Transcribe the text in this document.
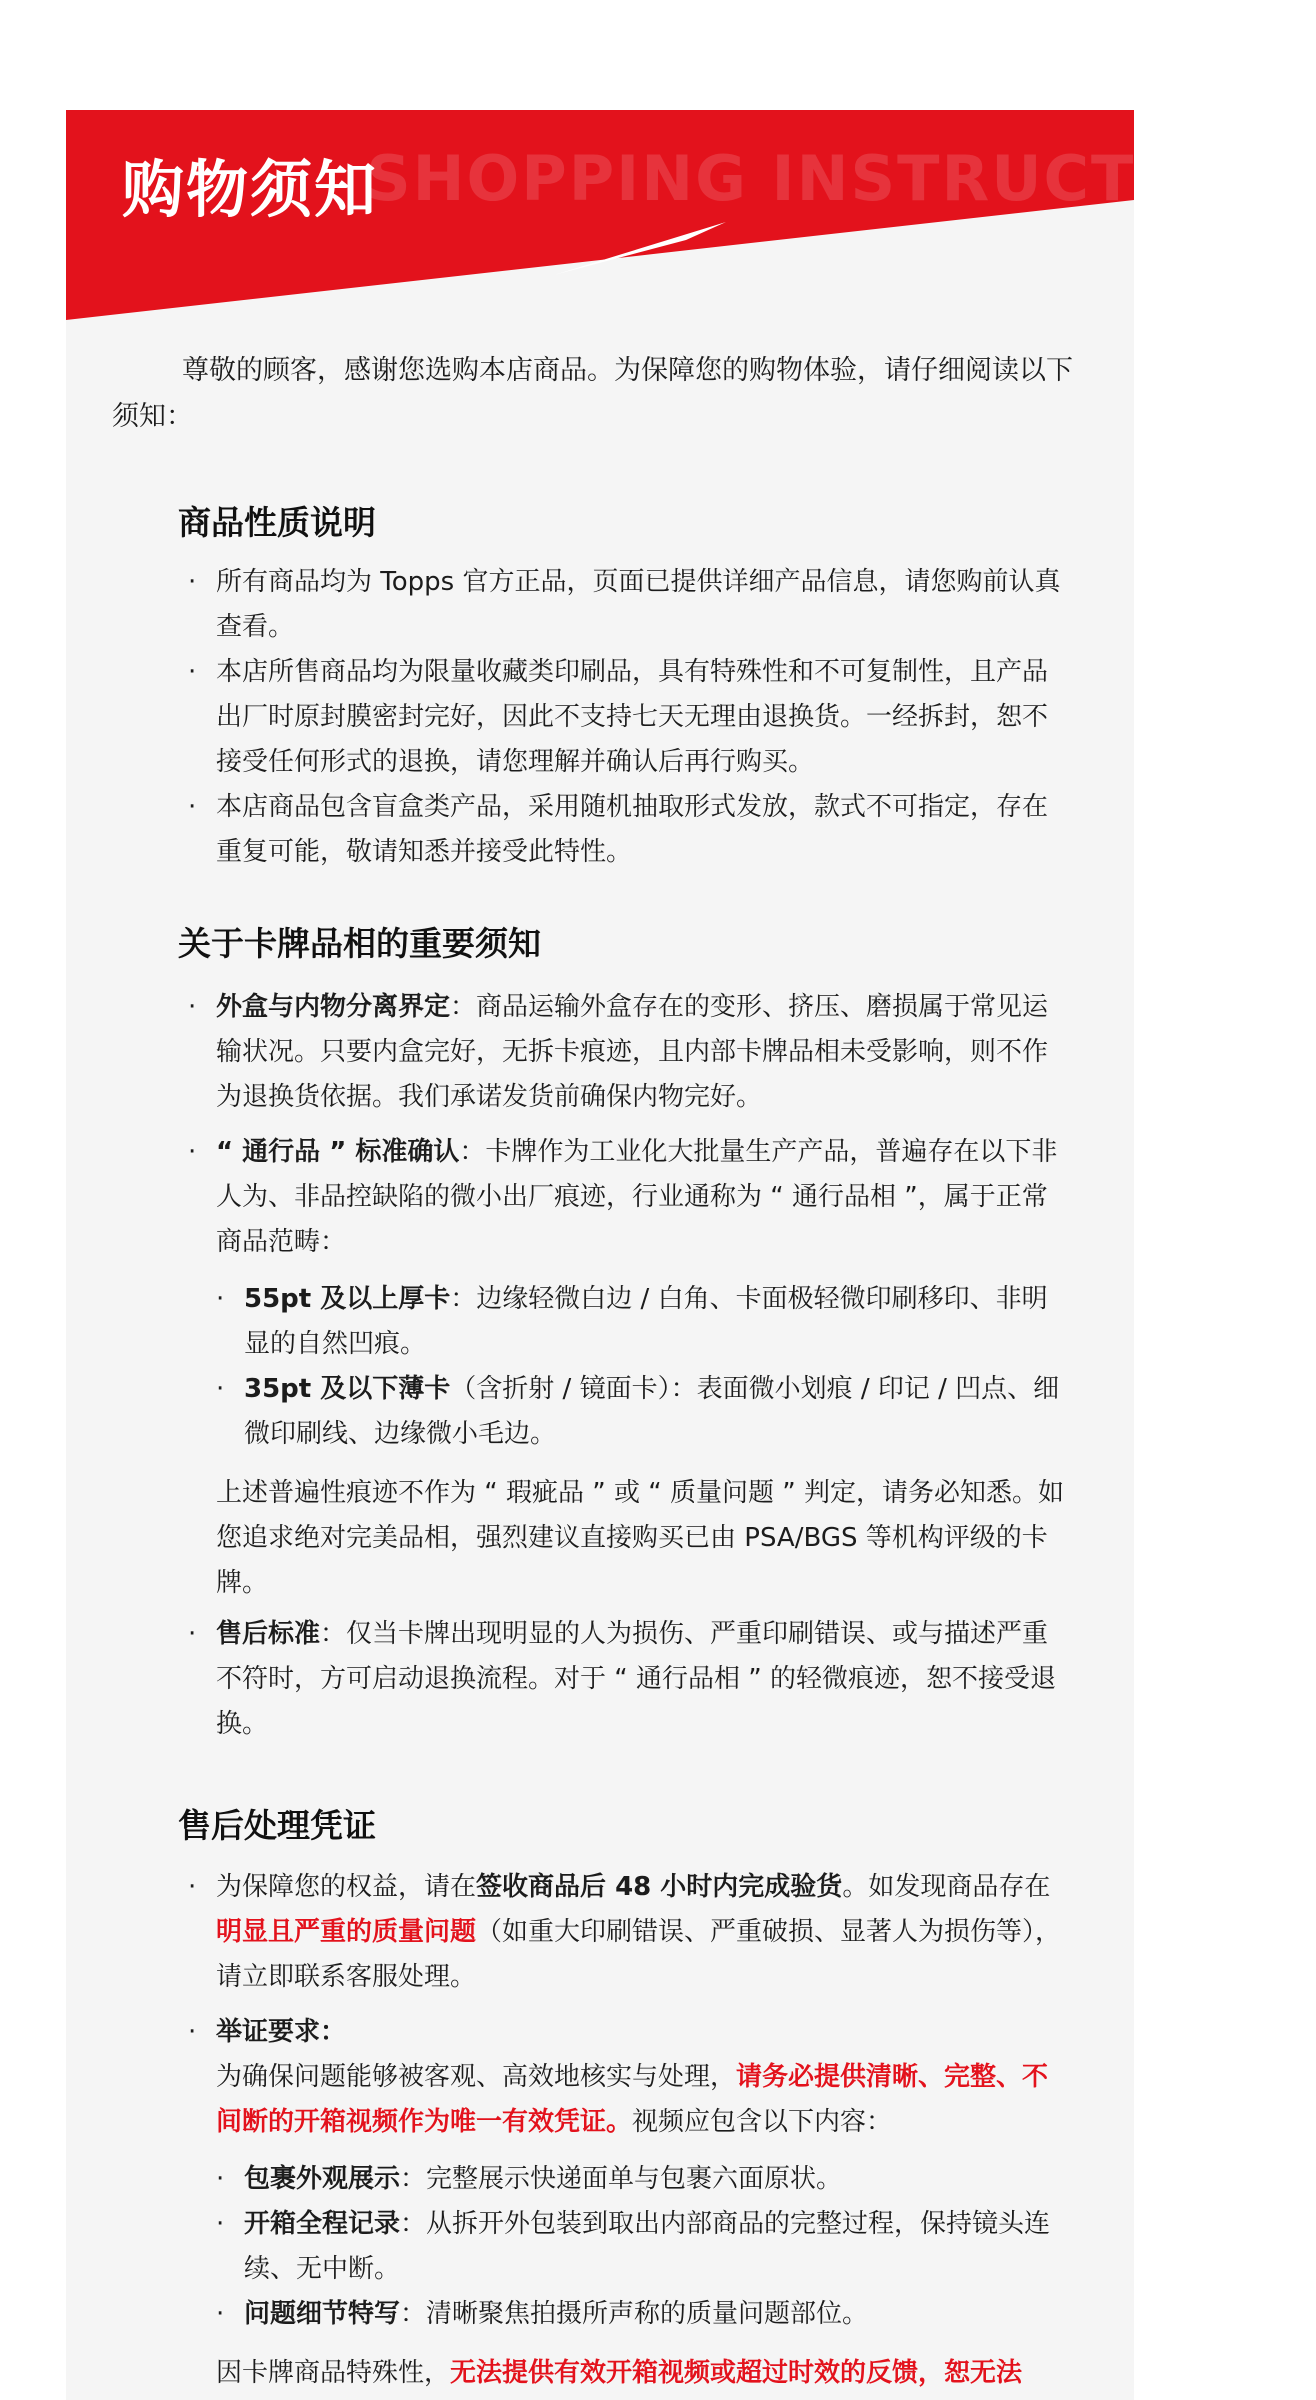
SHOPPING INSTRUCTIONS
购物须知
尊敬的顾客，感谢您选购本店商品。为保障您的购物体验，请仔细阅读以下须知：
商品性质说明
· 所有商品均为 Topps 官方正品，页面已提供详细产品信息，请您购前认真查看。
· 本店所售商品均为限量收藏类印刷品，具有特殊性和不可复制性，且产品出厂时原封膜密封完好，因此不支持七天无理由退换货。一经拆封，恕不接受任何形式的退换，请您理解并确认后再行购买。
· 本店商品包含盲盒类产品，采用随机抽取形式发放，款式不可指定，存在重复可能，敬请知悉并接受此特性。
关于卡牌品相的重要须知
· 外盒与内物分离界定：商品运输外盒存在的变形、挤压、磨损属于常见运输状况。只要内盒完好，无拆卡痕迹，且内部卡牌品相未受影响，则不作为退换货依据。我们承诺发货前确保内物完好。
· “ 通行品 ” 标准确认：卡牌作为工业化大批量生产产品，普遍存在以下非人为、非品控缺陷的微小出厂痕迹，行业通称为 “ 通行品相 ”，属于正常商品范畴：
· 55pt 及以上厚卡：边缘轻微白边 / 白角、卡面极轻微印刷移印、非明显的自然凹痕。
· 35pt 及以下薄卡（含折射 / 镜面卡）：表面微小划痕 / 印记 / 凹点、细微印刷线、边缘微小毛边。
上述普遍性痕迹不作为 “ 瑕疵品 ” 或 “ 质量问题 ” 判定，请务必知悉。如您追求绝对完美品相，强烈建议直接购买已由 PSA/BGS 等机构评级的卡牌。
· 售后标准：仅当卡牌出现明显的人为损伤、严重印刷错误、或与描述严重不符时，方可启动退换流程。对于 “ 通行品相 ” 的轻微痕迹，恕不接受退换。
售后处理凭证
· 为保障您的权益，请在签收商品后 48 小时内完成验货。如发现商品存在明显且严重的质量问题（如重大印刷错误、严重破损、显著人为损伤等），请立即联系客服处理。
· 举证要求：
为确保问题能够被客观、高效地核实与处理，请务必提供清晰、完整、不间断的开箱视频作为唯一有效凭证。视频应包含以下内容：
· 包裹外观展示：完整展示快递面单与包裹六面原状。
· 开箱全程记录：从拆开外包装到取出内部商品的完整过程，保持镜头连续、无中断。
· 问题细节特写：清晰聚焦拍摄所声称的质量问题部位。
因卡牌商品特殊性，无法提供有效开箱视频或超过时效的反馈，恕无法
